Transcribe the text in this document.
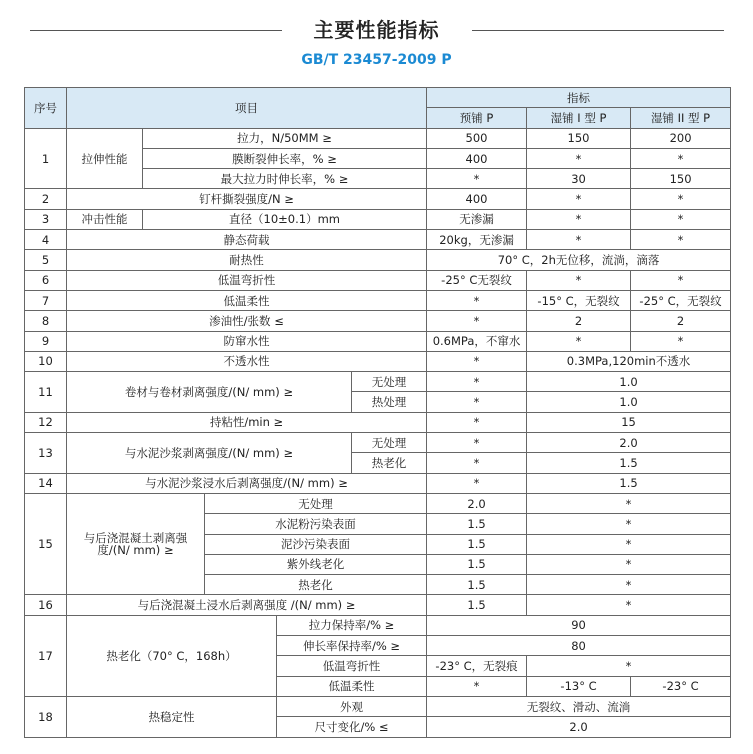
主要性能指标
GB/T 23457-2009 P
序号	项目					指标		
						预铺 P	湿铺 I 型 P	湿铺 II 型 P
1	拉伸性能	拉力，N/50MM ≥				500	150	200
		膜断裂伸长率，% ≥				400	*	*
		最大拉力时伸长率，% ≥				*	30	150
2	钉杆撕裂强度/N ≥					400	*	*
3	冲击性能	直径（10±0.1）mm				无渗漏	*	*
4	静态荷载					20kg，无渗漏	*	*
5	耐热性					70° C，2h无位移，流淌，滴落		
6	低温弯折性					-25° C无裂纹	*	*
7	低温柔性					*	-15° C，无裂纹	-25° C，无裂纹
8	渗油性/张数 ≤					*	2	2
9	防窜水性					0.6MPa，不窜水	*	*
10	不透水性					*	0.3MPa,120min不透水	
11	卷材与卷材剥离强度/(N/ mm) ≥				无处理	*	1.0	
					热处理	*	1.0	
12	持粘性/min ≥					*	15	
13	与水泥沙浆剥离强度/(N/ mm) ≥				无处理	*	2.0	
					热老化	*	1.5	
14	与水泥沙浆浸水后剥离强度/(N/ mm) ≥					*	1.5	
15	与后浇混凝土剥离强度/(N/ mm) ≥		无处理			2.0	*	
			水泥粉污染表面			1.5	*	
			泥沙污染表面			1.5	*	
			紫外线老化			1.5	*	
			热老化			1.5	*	
16	与后浇混凝土浸水后剥离强度 /(N/ mm) ≥					1.5	*	
17	热老化（70° C，168h）			拉力保持率/% ≥		90		
				伸长率保持率/% ≥		80		
				低温弯折性		-23° C，无裂痕	*	
				低温柔性		*	-13° C	-23° C
18	热稳定性			外观		无裂纹、滑动、流淌		
				尺寸变化/% ≤		2.0		
